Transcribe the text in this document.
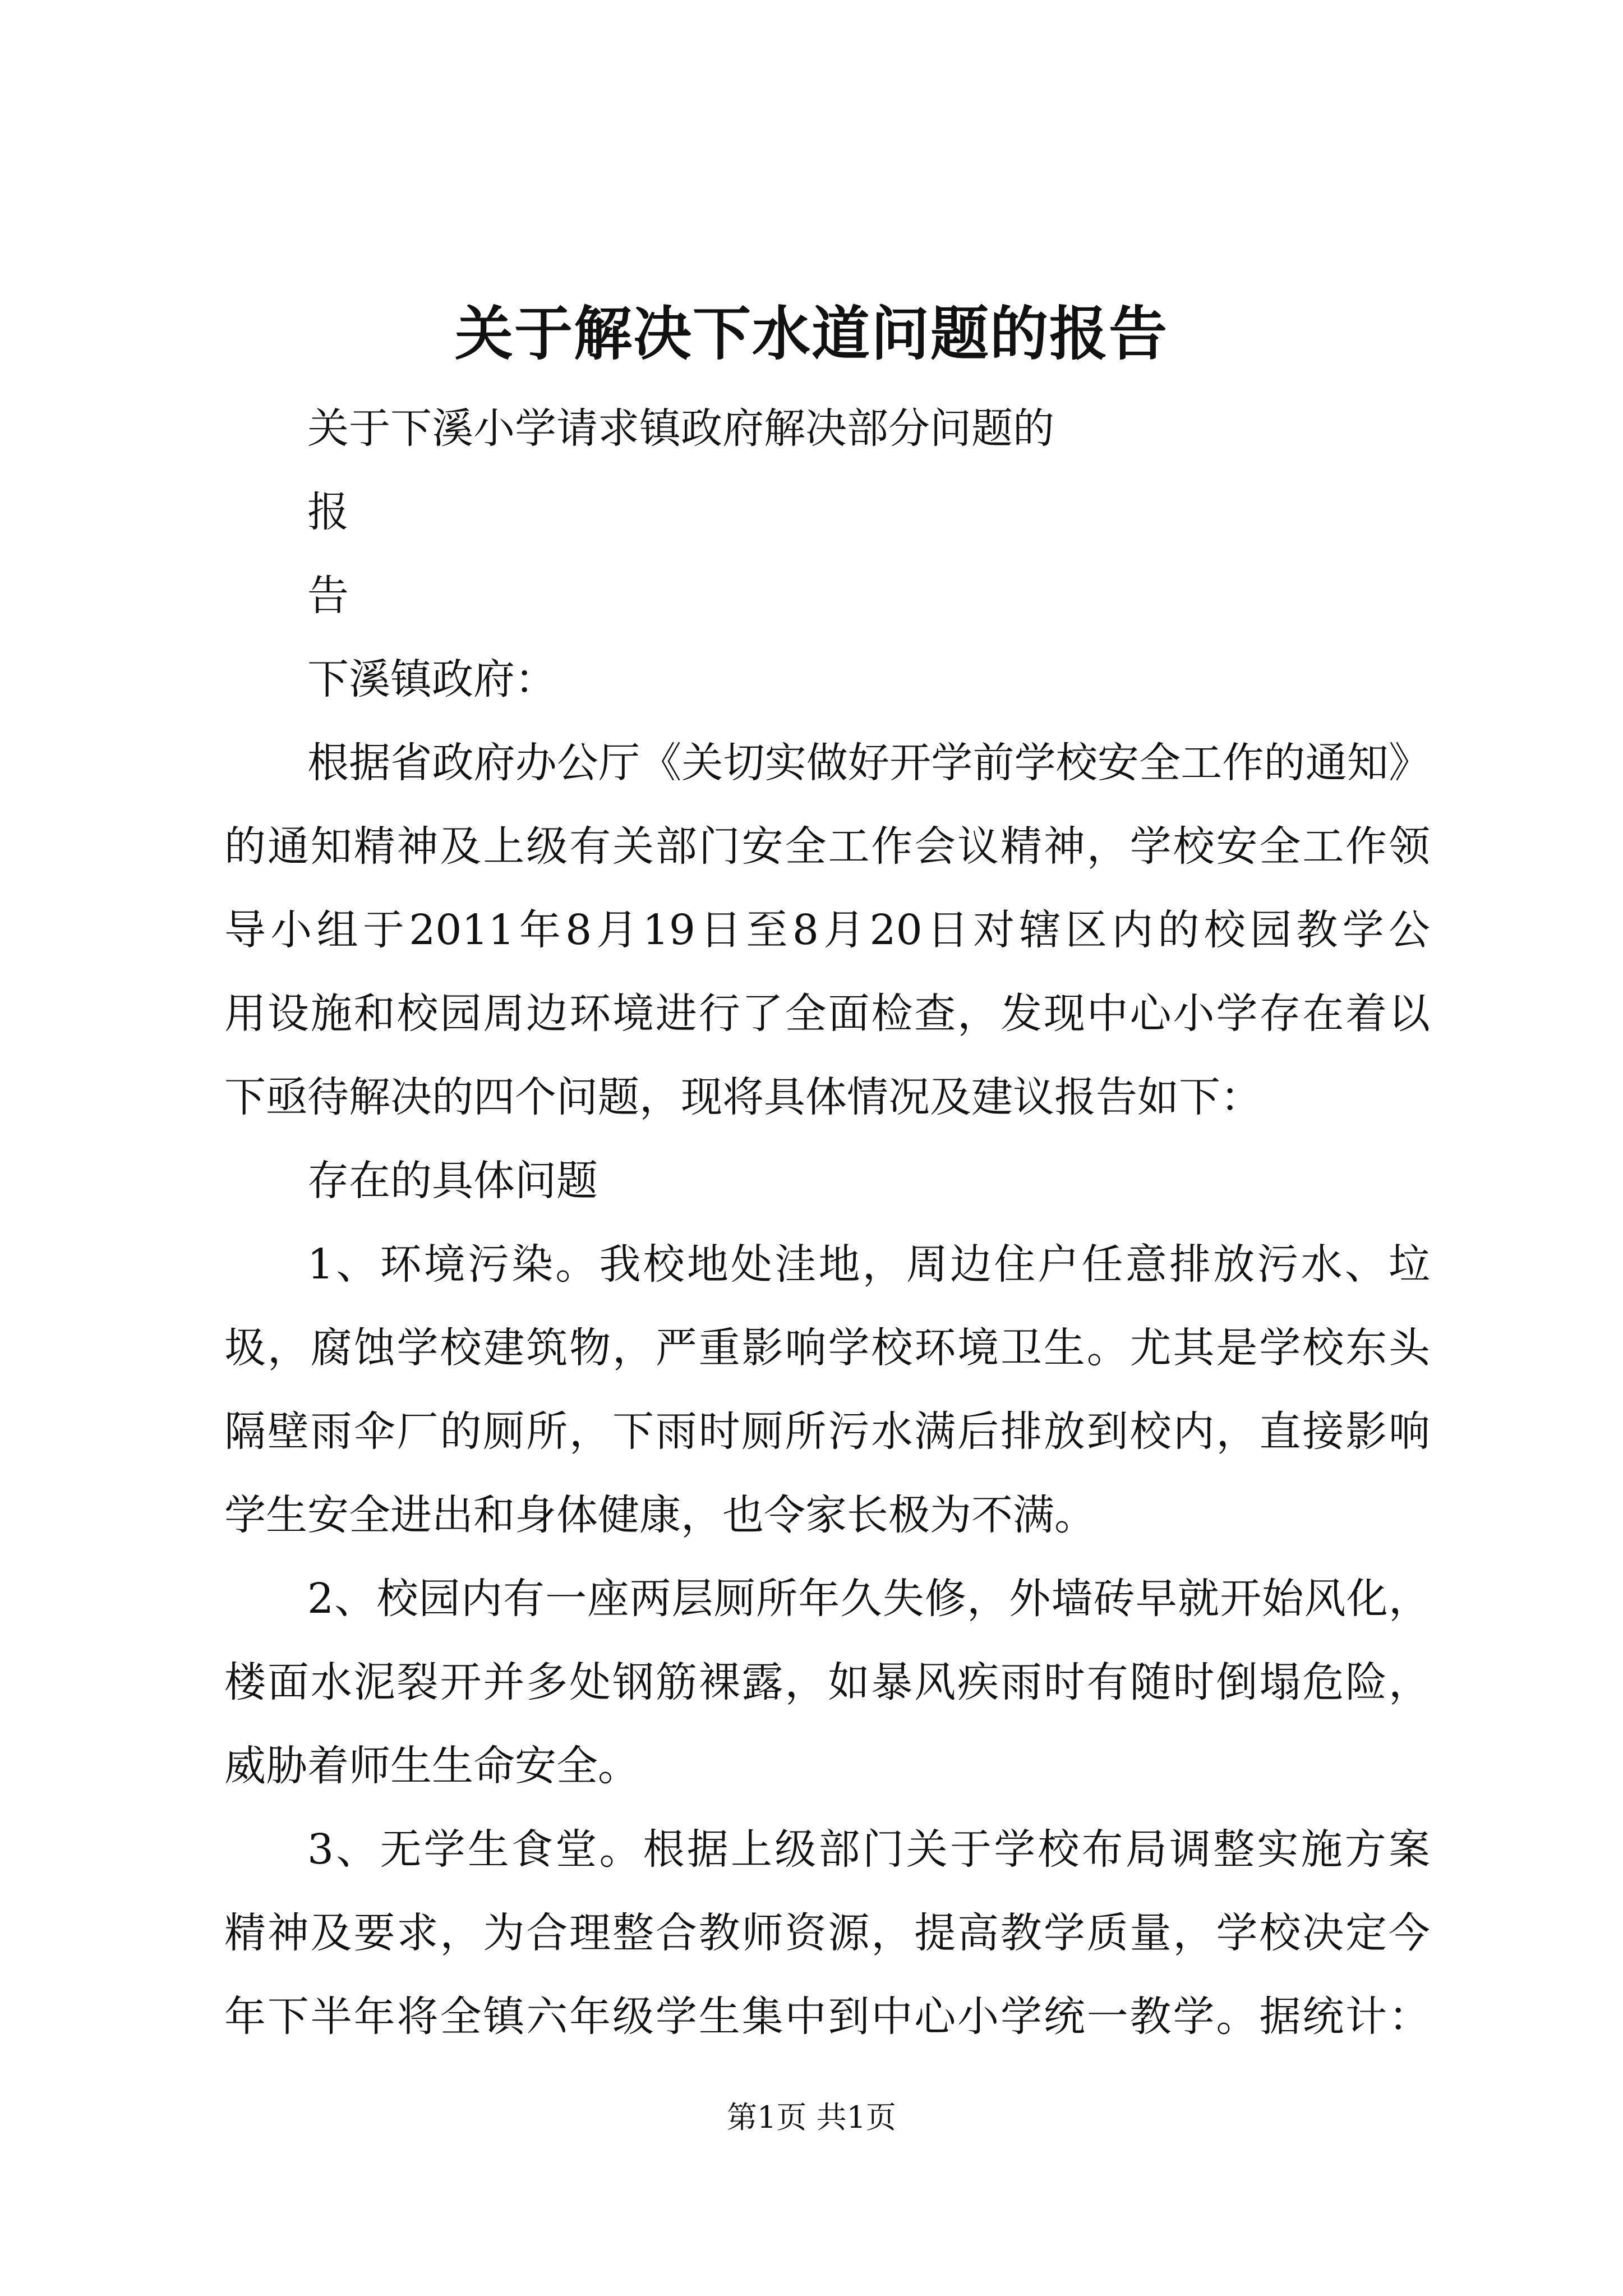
关于解决下水道问题的报告
关于下溪小学请求镇政府解决部分问题的
报
告
下溪镇政府：
根据省政府办公厅《关切实做好开学前学校安全工作的通知》
的通知精神及上级有关部门安全工作会议精神，学校安全工作领
导小组于2011年8月19日至8月20日对辖区内的校园教学公
用设施和校园周边环境进行了全面检查，发现中心小学存在着以
下亟待解决的四个问题，现将具体情况及建议报告如下：
存在的具体问题
1、环境污染。我校地处洼地，周边住户任意排放污水、垃
圾，腐蚀学校建筑物，严重影响学校环境卫生。尤其是学校东头
隔壁雨伞厂的厕所，下雨时厕所污水满后排放到校内，直接影响
学生安全进出和身体健康，也令家长极为不满。
2、校园内有一座两层厕所年久失修，外墙砖早就开始风化，
楼面水泥裂开并多处钢筋裸露，如暴风疾雨时有随时倒塌危险，
威胁着师生生命安全。
3、无学生食堂。根据上级部门关于学校布局调整实施方案
精神及要求，为合理整合教师资源，提高教学质量，学校决定今
年下半年将全镇六年级学生集中到中心小学统一教学。据统计：
第1页 共1页
